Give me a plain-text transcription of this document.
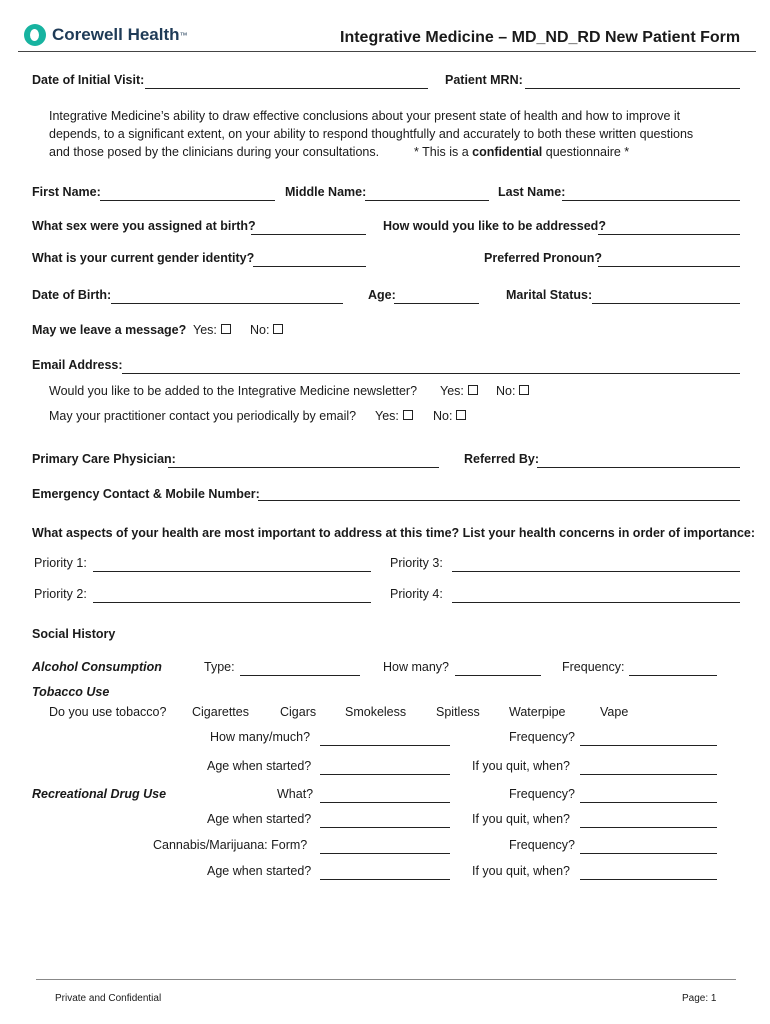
Corewell Health ™	Integrative Medicine – MD_ND_RD New Patient Form
Date of Initial Visit:	Patient MRN:
Integrative Medicine’s ability to draw effective conclusions about your present state of health and how to improve it
depends, to a significant extent, on your ability to respond thoughtfully and accurately to both these written questions
and those posed by the clinicians during your consultations.	* This is a confidential questionnaire *
First Name:	Middle Name:	Last Name:
What sex were you assigned at birth?	How would you like to be addressed?
What is your current gender identity?	Preferred Pronoun?
Date of Birth:	Age:	Marital Status:
May we leave a message? Yes:	No:
Email Address:
Would you like to be added to the Integrative Medicine newsletter? Yes:	No:
May your practitioner contact you periodically by email? Yes:	No:
Primary Care Physician:	Referred By:
Emergency Contact & Mobile Number:
What aspects of your health are most important to address at this time? List your health concerns in order of importance:
Priority 1:	Priority 3:
Priority 2:	Priority 4:
Social History
Alcohol Consumption	Type:	How many?	Frequency:
Tobacco Use
Do you use tobacco? Cigarettes Cigars Smokeless Spitless Waterpipe	Vape
How many/much?	Frequency?
Age when started?	If you quit, when?
Recreational Drug Use	What?	Frequency?
Age when started?	If you quit, when?
Cannabis/Marijuana: Form?	Frequency?
Age when started?	If you quit, when?
Private and Confidential	Page: 1
